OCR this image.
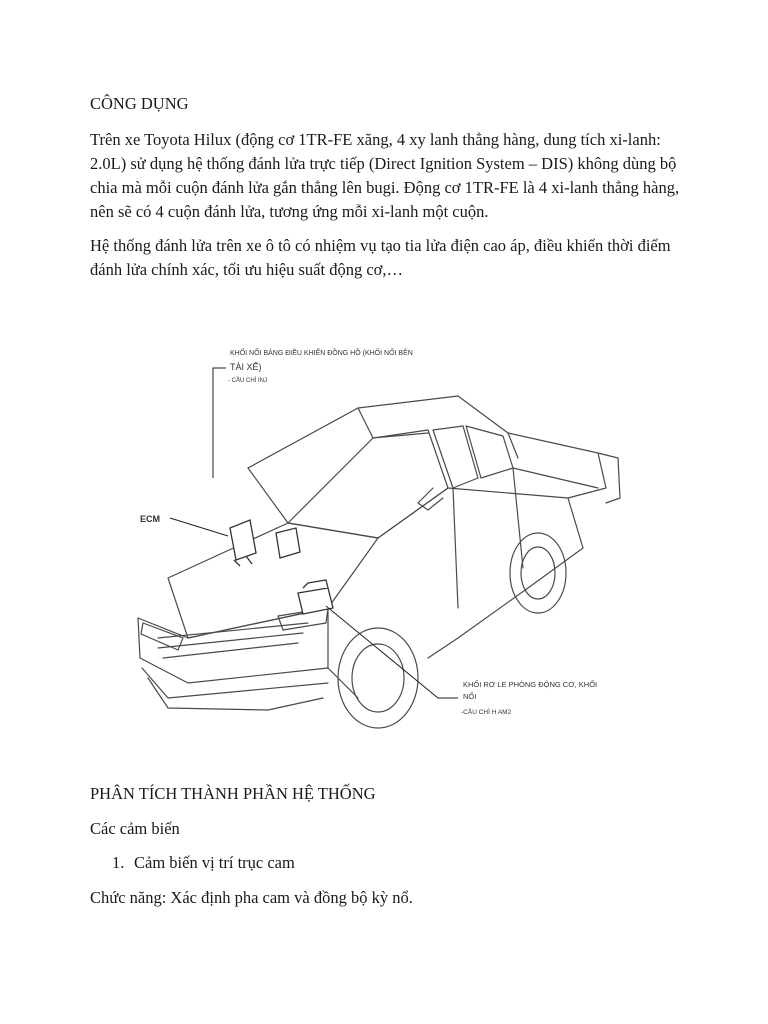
CÔNG DỤNG

Trên xe Toyota Hilux (động cơ 1TR-FE xăng, 4 xy lanh thẳng hàng, dung tích xi-lanh: 2.0L) sử dụng hệ thống đánh lửa trực tiếp (Direct Ignition System – DIS) không dùng bộ chia mà mỗi cuộn đánh lửa gắn thẳng lên bugi. Động cơ 1TR-FE là 4 xi-lanh thẳng hàng, nên sẽ có 4 cuộn đánh lửa, tương ứng mỗi xi-lanh một cuộn.

Hệ thống đánh lửa trên xe ô tô có nhiệm vụ tạo tia lửa điện cao áp, điều khiển thời điểm đánh lửa chính xác, tối ưu hiệu suất động cơ,…

KHỐI NỐI BẢNG ĐIỀU KHIỂN ĐỒNG HỒ (KHỐI NỐI BÊN
TÀI XẾ)
- CẦU CHÌ INJ
ECM
KHỐI RƠ LE PHÒNG ĐỘNG CƠ, KHỐI
NỐI
-CẦU CHÌ H AM2

PHÂN TÍCH THÀNH PHẦN HỆ THỐNG

Các cảm biến

1. Cảm biến vị trí trục cam

Chức năng: Xác định pha cam và đồng bộ kỳ nổ.
